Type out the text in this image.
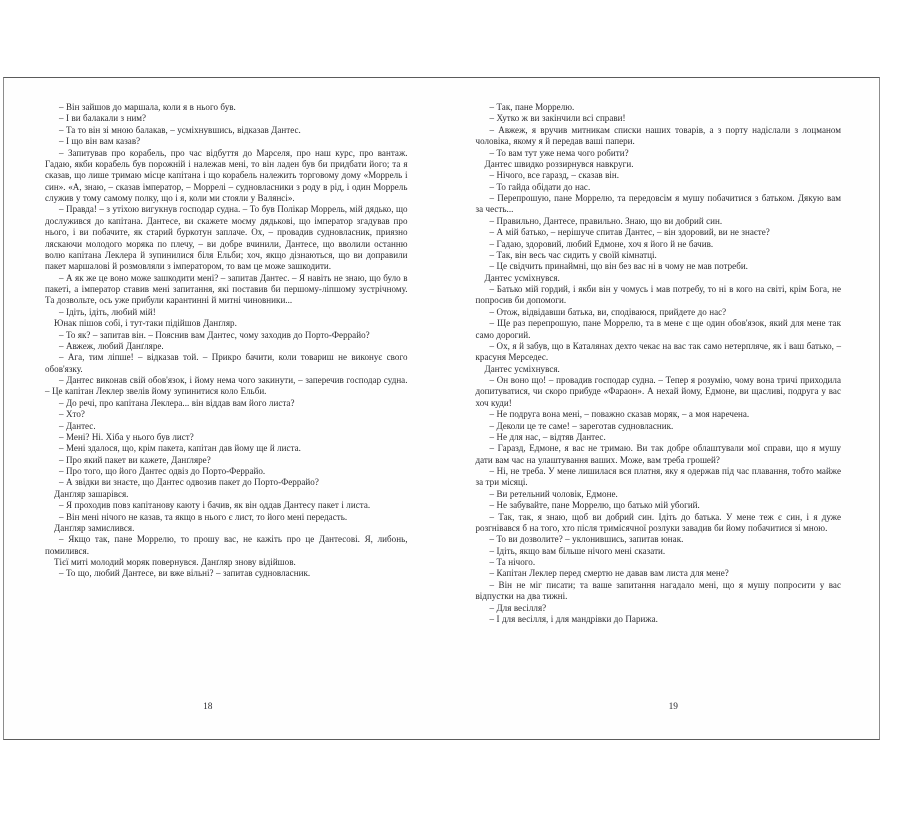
– Він зайшов до маршала, коли я в нього був.

– І ви балакали з ним?

– Та то він зі мною балакав, – усміхнувшись, відказав Дантес.

– І що він вам казав?

– Запитував про корабель, про час відбуття до Марселя, про наш курс, про вантаж. Гадаю, якби корабель був порожній і належав мені, то він ладен був би придбати його; та я сказав, що лише тримаю місце капітана і що корабель належить торговому дому «Моррель і син». «А, знаю, – сказав імператор, – Моррелі – судновласники з роду в рід, і один Моррель служив у тому самому полку, що і я, коли ми стояли у Валянсі».

– Правда! – з утіхою вигукнув господар судна. – То був Полікар Моррель, мій дядько, що дослужився до капітана. Дантесе, ви скажете моєму дядькові, що імператор згадував про нього, і ви побачите, як старий буркотун заплаче. Ох, – провадив судновласник, приязно ляскаючи молодого моряка по плечу, – ви добре вчинили, Дантесе, що вволили останню волю капітана Леклера й зупинилися біля Ельби; хоч, якщо дізнаються, що ви доправили пакет маршалові й розмовляли з імператором, то вам це може зашкодити.

– А як же це воно може зашкодити мені? – запитав Дантес. – Я навіть не знаю, що було в пакеті, а імператор ставив мені запитання, які поставив би першому-ліпшому зустрічному. Та дозвольте, ось уже прибули карантинні й митні чиновники...

– Ідіть, ідіть, любий мій!

Юнак пішов собі, і тут-таки підійшов Данґляр.

– То як? – запитав він. – Пояснив вам Дантес, чому заходив до Порто-Феррайо?

– Авжеж, любий Данґляре.

– Ага, тим ліпше! – відказав той. – Прикро бачити, коли товариш не виконує свого обов'язку.

– Дантес виконав свій обов'язок, і йому нема чого закинути, – заперечив господар судна. – Це капітан Леклер звелів йому зупинитися коло Ельби.

– До речі, про капітана Леклера... він віддав вам його листа?

– Хто?

– Дантес.

– Мені? Ні. Хіба у нього був лист?

– Мені здалося, що, крім пакета, капітан дав йому ще й листа.

– Про який пакет ви кажете, Данґляре?

– Про того, що його Дантес одвіз до Порто-Феррайо.

– А звідки ви знаєте, що Дантес одвозив пакет до Порто-Феррайо?

Данґляр зашарівся.

– Я проходив повз капітанову каюту і бачив, як він оддав Дантесу пакет і листа.

– Він мені нічого не казав, та якщо в нього є лист, то його мені передасть.

Данґляр замислився.

– Якщо так, пане Моррелю, то прошу вас, не кажіть про це Дантесові. Я, либонь, помилився.

Тієї миті молодий моряк повернувся. Данґляр знову відійшов.

– То що, любий Дантесе, ви вже вільні? – запитав судновласник.

18

– Так, пане Моррелю.

– Хутко ж ви закінчили всі справи!

– Авжеж, я вручив митникам списки наших товарів, а з порту надіслали з лоцманом чоловіка, якому я й передав ваші папери.

– То вам тут уже нема чого робити?

Дантес швидко роззирнувся навкруги.

– Нічого, все гаразд, – сказав він.

– То гайда обідати до нас.

– Перепрошую, пане Моррелю, та передовсім я мушу побачитися з батьком. Дякую вам за честь...

– Правильно, Дантесе, правильно. Знаю, що ви добрий син.

– А мій батько, – нерішуче спитав Дантес, – він здоровий, ви не знаєте?

– Гадаю, здоровий, любий Едмоне, хоч я його й не бачив.

– Так, він весь час сидить у своїй кімнатці.

– Це свідчить принаймні, що він без вас ні в чому не мав потреби.

Дантес усміхнувся.

– Батько мій гордий, і якби він у чомусь і мав потребу, то ні в кого на світі, крім Бога, не попросив би допомоги.

– Отож, відвідавши батька, ви, сподіваюся, прийдете до нас?

– Ще раз перепрошую, пане Моррелю, та в мене є ще один обов'язок, який для мене так само дорогий.

– Ох, я й забув, що в Каталянах дехто чекає на вас так само нетерпляче, як і ваш батько, – красуня Мерседес.

Дантес усміхнувся.

– Он воно що! – провадив господар судна. – Тепер я розумію, чому вона тричі приходила допитуватися, чи скоро прибуде «Фараон». А нехай йому, Едмоне, ви щасливі, подруга у вас хоч куди!

– Не подруга вона мені, – поважно сказав моряк, – а моя наречена.

– Деколи це те саме! – зареготав судновласник.

– Не для нас, – відтяв Дантес.

– Гаразд, Едмоне, я вас не тримаю. Ви так добре облаштували мої справи, що я мушу дати вам час на улаштування ваших. Може, вам треба грошей?

– Ні, не треба. У мене лишилася вся платня, яку я одержав під час плавання, тобто майже за три місяці.

– Ви ретельний чоловік, Едмоне.

– Не забувайте, пане Моррелю, що батько мій убогий.

– Так, так, я знаю, щоб ви добрий син. Ідіть до батька. У мене теж є син, і я дуже розгнівався б на того, хто після тримісячної розлуки завадив би йому побачитися зі мною.

– То ви дозволите? – уклонившись, запитав юнак.

– Ідіть, якщо вам більше нічого мені сказати.

– Та нічого.

– Капітан Леклер перед смертю не давав вам листа для мене?

– Він не міг писати; та ваше запитання нагадало мені, що я мушу попросити у вас відпустки на два тижні.

– Для весілля?

– І для весілля, і для мандрівки до Парижа.

19
